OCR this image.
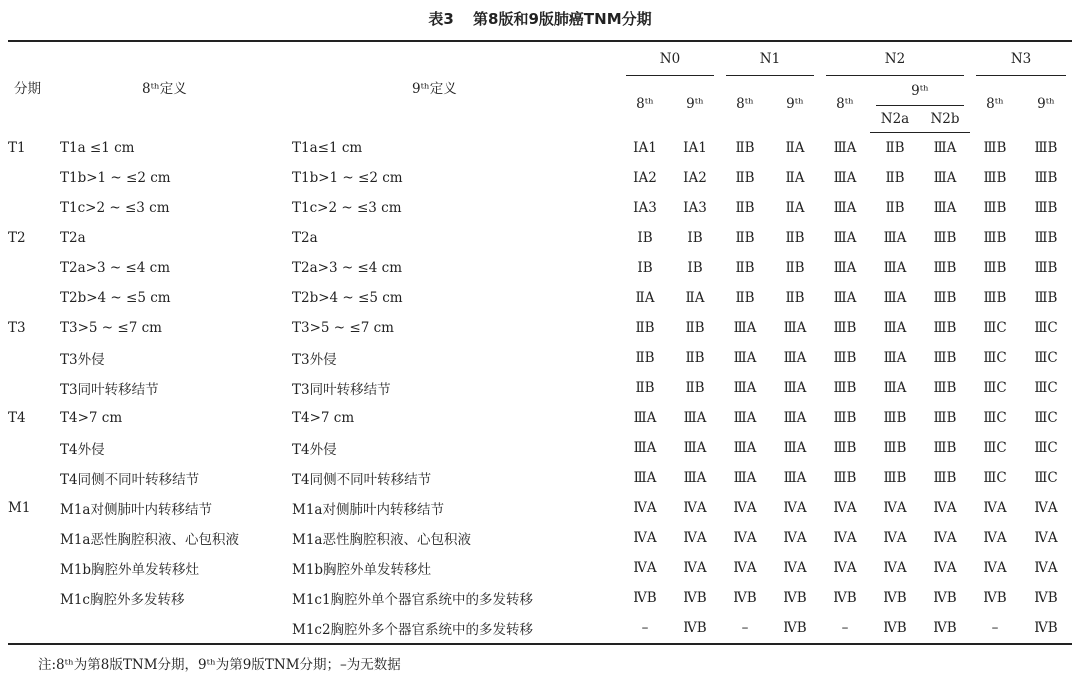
表3 第8版和9版肺癌TNM分期
分期	8ᵗʰ定义	9ᵗʰ定义	N0		N1		N2			N3	
			8ᵗʰ	9ᵗʰ	8ᵗʰ	9ᵗʰ	8ᵗʰ	9ᵗʰ		8ᵗʰ	9ᵗʰ
								N2a	N2b		
T1	T1a ≤1 cm	T1a≤1 cm	ⅠA1	ⅠA1	ⅡB	ⅡA	ⅢA	ⅡB	ⅢA	ⅢB	ⅢB
	T1b>1 ~ ≤2 cm	T1b>1 ~ ≤2 cm	ⅠA2	ⅠA2	ⅡB	ⅡA	ⅢA	ⅡB	ⅢA	ⅢB	ⅢB
	T1c>2 ~ ≤3 cm	T1c>2 ~ ≤3 cm	ⅠA3	ⅠA3	ⅡB	ⅡA	ⅢA	ⅡB	ⅢA	ⅢB	ⅢB
T2	T2a	T2a	ⅠB	ⅠB	ⅡB	ⅡB	ⅢA	ⅢA	ⅢB	ⅢB	ⅢB
	T2a>3 ~ ≤4 cm	T2a>3 ~ ≤4 cm	ⅠB	ⅠB	ⅡB	ⅡB	ⅢA	ⅢA	ⅢB	ⅢB	ⅢB
	T2b>4 ~ ≤5 cm	T2b>4 ~ ≤5 cm	ⅡA	ⅡA	ⅡB	ⅡB	ⅢA	ⅢA	ⅢB	ⅢB	ⅢB
T3	T3>5 ~ ≤7 cm	T3>5 ~ ≤7 cm	ⅡB	ⅡB	ⅢA	ⅢA	ⅢB	ⅢA	ⅢB	ⅢC	ⅢC
	T3外侵	T3外侵	ⅡB	ⅡB	ⅢA	ⅢA	ⅢB	ⅢA	ⅢB	ⅢC	ⅢC
	T3同叶转移结节	T3同叶转移结节	ⅡB	ⅡB	ⅢA	ⅢA	ⅢB	ⅢA	ⅢB	ⅢC	ⅢC
T4	T4>7 cm	T4>7 cm	ⅢA	ⅢA	ⅢA	ⅢA	ⅢB	ⅢB	ⅢB	ⅢC	ⅢC
	T4外侵	T4外侵	ⅢA	ⅢA	ⅢA	ⅢA	ⅢB	ⅢB	ⅢB	ⅢC	ⅢC
	T4同侧不同叶转移结节	T4同侧不同叶转移结节	ⅢA	ⅢA	ⅢA	ⅢA	ⅢB	ⅢB	ⅢB	ⅢC	ⅢC
M1	M1a对侧肺叶内转移结节	M1a对侧肺叶内转移结节	ⅣA	ⅣA	ⅣA	ⅣA	ⅣA	ⅣA	ⅣA	ⅣA	ⅣA
	M1a恶性胸腔积液、心包积液	M1a恶性胸腔积液、心包积液	ⅣA	ⅣA	ⅣA	ⅣA	ⅣA	ⅣA	ⅣA	ⅣA	ⅣA
	M1b胸腔外单发转移灶	M1b胸腔外单发转移灶	ⅣA	ⅣA	ⅣA	ⅣA	ⅣA	ⅣA	ⅣA	ⅣA	ⅣA
	M1c胸腔外多发转移	M1c1胸腔外单个器官系统中的多发转移	ⅣB	ⅣB	ⅣB	ⅣB	ⅣB	ⅣB	ⅣB	ⅣB	ⅣB
		M1c2胸腔外多个器官系统中的多发转移	–	ⅣB	–	ⅣB	–	ⅣB	ⅣB	–	ⅣB
注:8ᵗʰ为第8版TNM分期，9ᵗʰ为第9版TNM分期；–为无数据
